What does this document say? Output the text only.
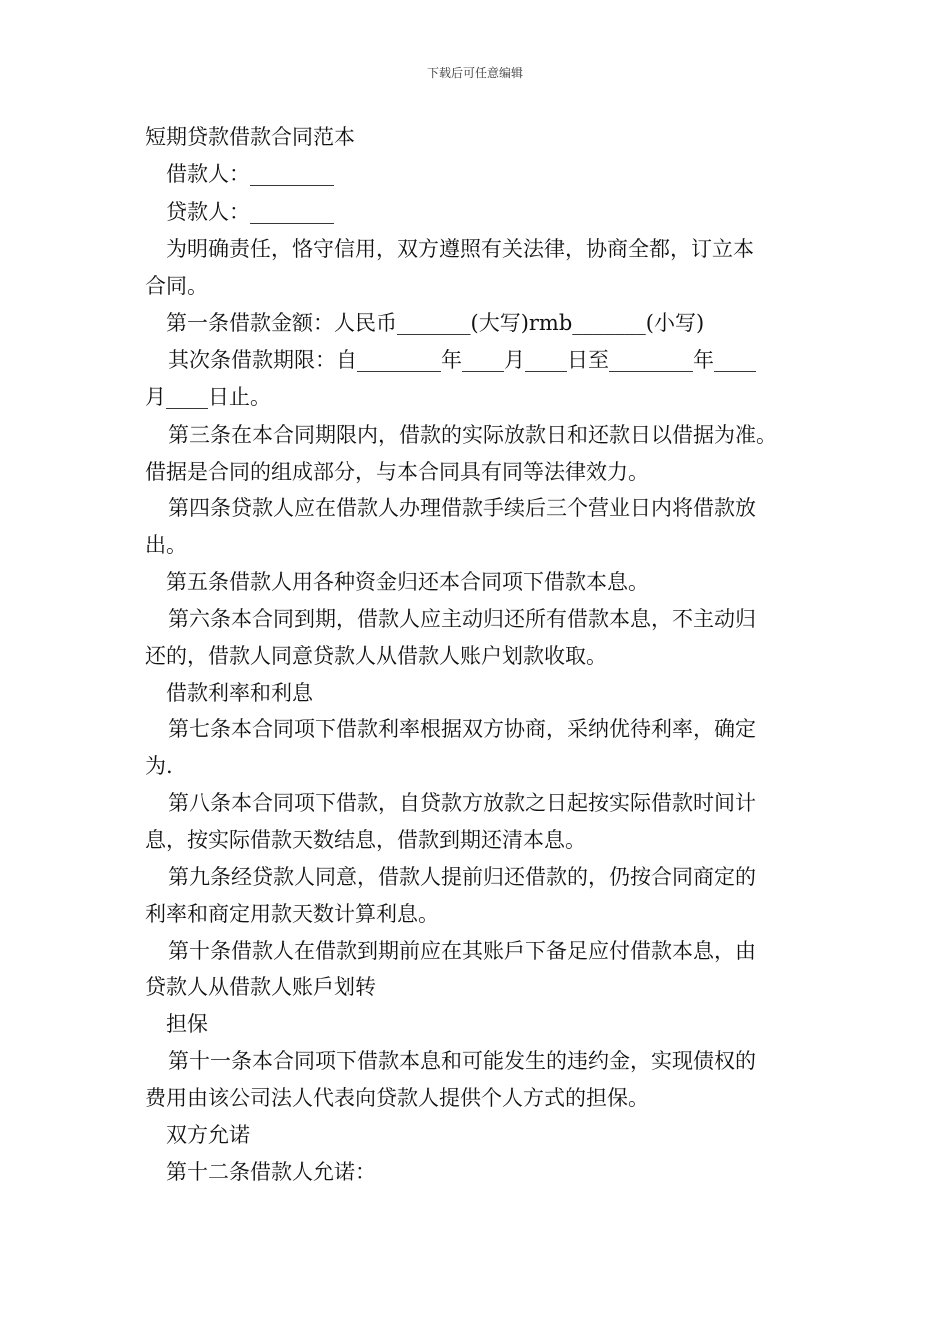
下载后可任意编辑
短期贷款借款合同范本
借款人：________
贷款人：________
为明确责任，恪守信用，双方遵照有关法律，协商全都，订立本
合同。
第一条借款金额：人民币_______(大写)rmb_______(小写)
其次条借款期限：自________年____月____日至________年____
月____日止。
第三条在本合同期限内，借款的实际放款日和还款日以借据为准。
借据是合同的组成部分，与本合同具有同等法律效力。
第四条贷款人应在借款人办理借款手续后三个营业日内将借款放
出。
第五条借款人用各种资金归还本合同项下借款本息。
第六条本合同到期，借款人应主动归还所有借款本息，不主动归
还的，借款人同意贷款人从借款人账户划款收取。
借款利率和利息
第七条本合同项下借款利率根据双方协商，采纳优待利率，确定
为.
第八条本合同项下借款，自贷款方放款之日起按实际借款时间计
息，按实际借款天数结息，借款到期还清本息。
第九条经贷款人同意，借款人提前归还借款的，仍按合同商定的
利率和商定用款天数计算利息。
第十条借款人在借款到期前应在其账戶下备足应付借款本息，由
贷款人从借款人账戶划转
担保
第十一条本合同项下借款本息和可能发生的违约金，实现债权的
费用由该公司法人代表向贷款人提供个人方式的担保。
双方允诺
第十二条借款人允诺：
